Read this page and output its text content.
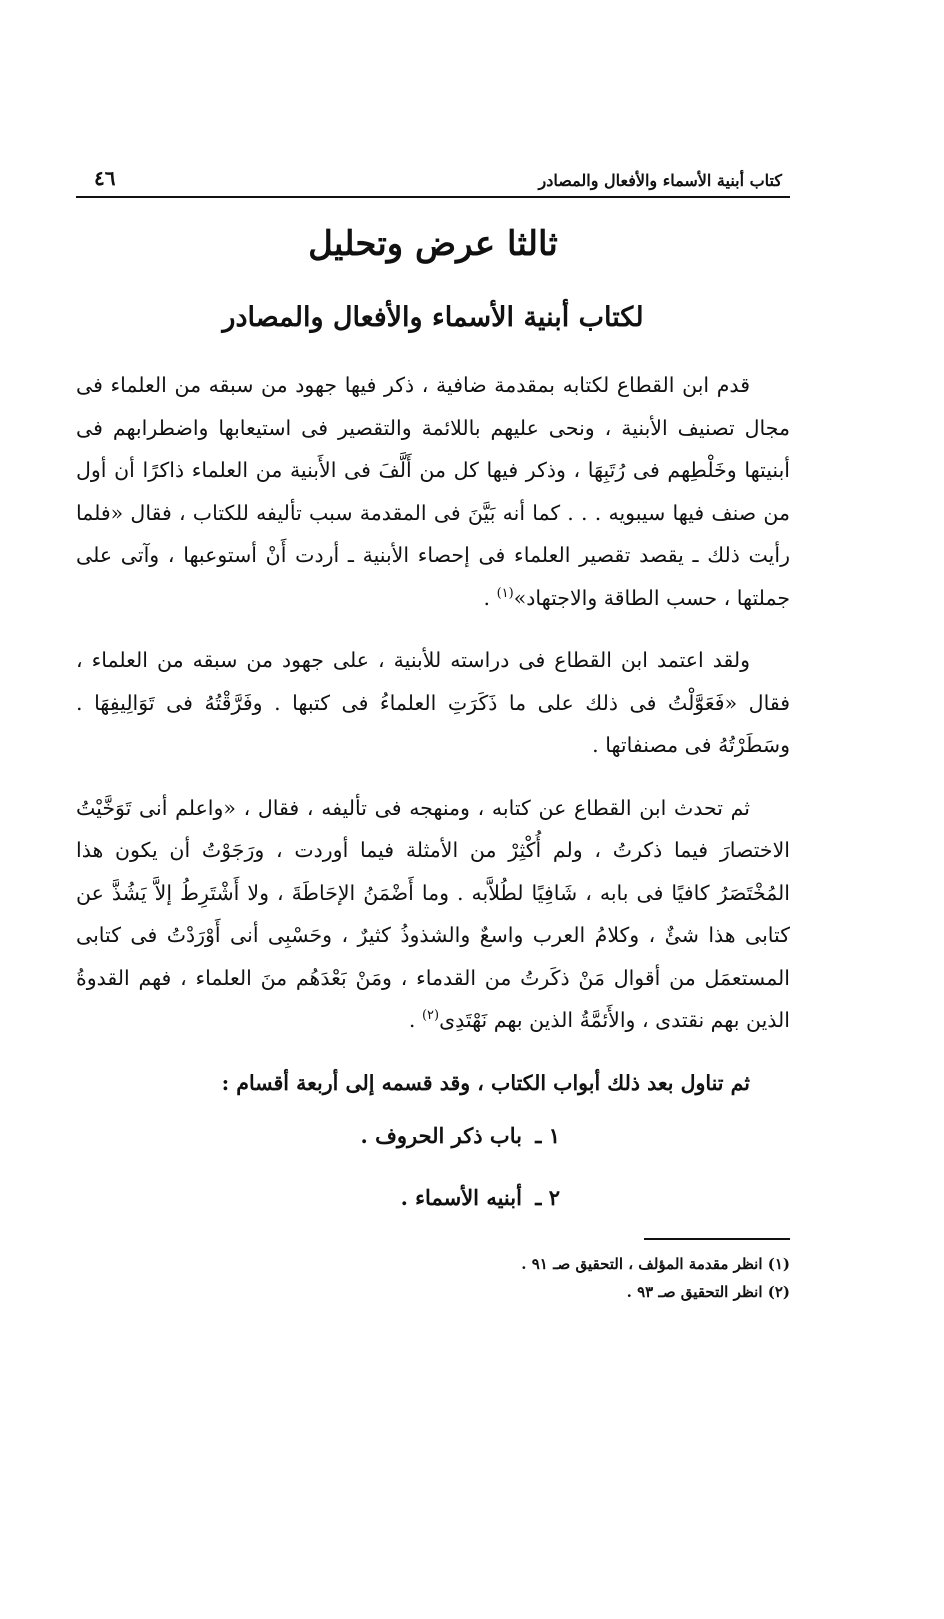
كتاب أبنية الأسماء والأفعال والمصادر
٤٦
ثالثا عرض وتحليل
لكتاب أبنية الأسماء والأفعال والمصادر

قدم ابن القطاع لكتابه بمقدمة ضافية ، ذكر فيها جهود من سبقه من العلماء فى مجال تصنيف الأبنية ، ونحى عليهم باللائمة والتقصير فى استيعابها واضطرابهم فى أبنيتها وخَلْطِهم فى رُتَبِهَا ، وذكر فيها كل من أَلَّفَ فى الأَبنية من العلماء ذاكرًا أن أول من صنف فيها سيبويه . . . كما أنه بَيَّنَ فى المقدمة سبب تأليفه للكتاب ، فقال «فلما رأيت ذلك ـ يقصد تقصير العلماء فى إحصاء الأبنية ـ أردت أَنْ أستوعبها ، وآتى على جملتها ، حسب الطاقة والاجتهاد»$^{(١)}$ .

ولقد اعتمد ابن القطاع فى دراسته للأبنية ، على جهود من سبقه من العلماء ، فقال «فَعَوَّلْتُ فى ذلك على ما ذَكَرَتِ العلماءُ فى كتبها . وفَرَّقْتُهُ فى تَوَالِيفِهَا . وسَطَرْتُهُ فى مصنفاتها .

ثم تحدث ابن القطاع عن كتابه ، ومنهجه فى تأليفه ، فقال ، «واعلم أنى تَوَخَّيْتُ الاختصارَ فيما ذكرتُ ، ولم أُكْثِرْ من الأمثلة فيما أوردت ، ورَجَوْتُ أن يكون هذا المُخْتَصَرُ كافيًا فى بابه ، شَافِيًا لطُلاَّبه . وما أَضْمَنُ الإحَاطَةَ ، ولا أَشْتَرِطُ إلاَّ يَشُذَّ عن كتابى هذا شئٌ ، وكلامُ العرب واسعٌ والشذوذُ كثيرٌ ، وحَسْبِى أنى أَوْرَدْتُ فى كتابى المستعمَل من أقوال مَنْ ذكَرتُ من القدماء ، ومَنْ بَعْدَهُم منَ العلماء ، فهم القدوةُ الذين بهم نقتدى ، والأَئمَّةُ الذين بهم نَهْتَدِى$^{(٢)}$ .

ثم تناول بعد ذلك أبواب الكتاب ، وقد قسمه إلى أربعة أقسام :

١ ـ باب ذكر الحروف .
٢ ـ أبنيه الأسماء .
(١) انظر مقدمة المؤلف ، التحقيق صـ ٩١ .
(٢) انظر التحقيق صـ ٩٣ .
